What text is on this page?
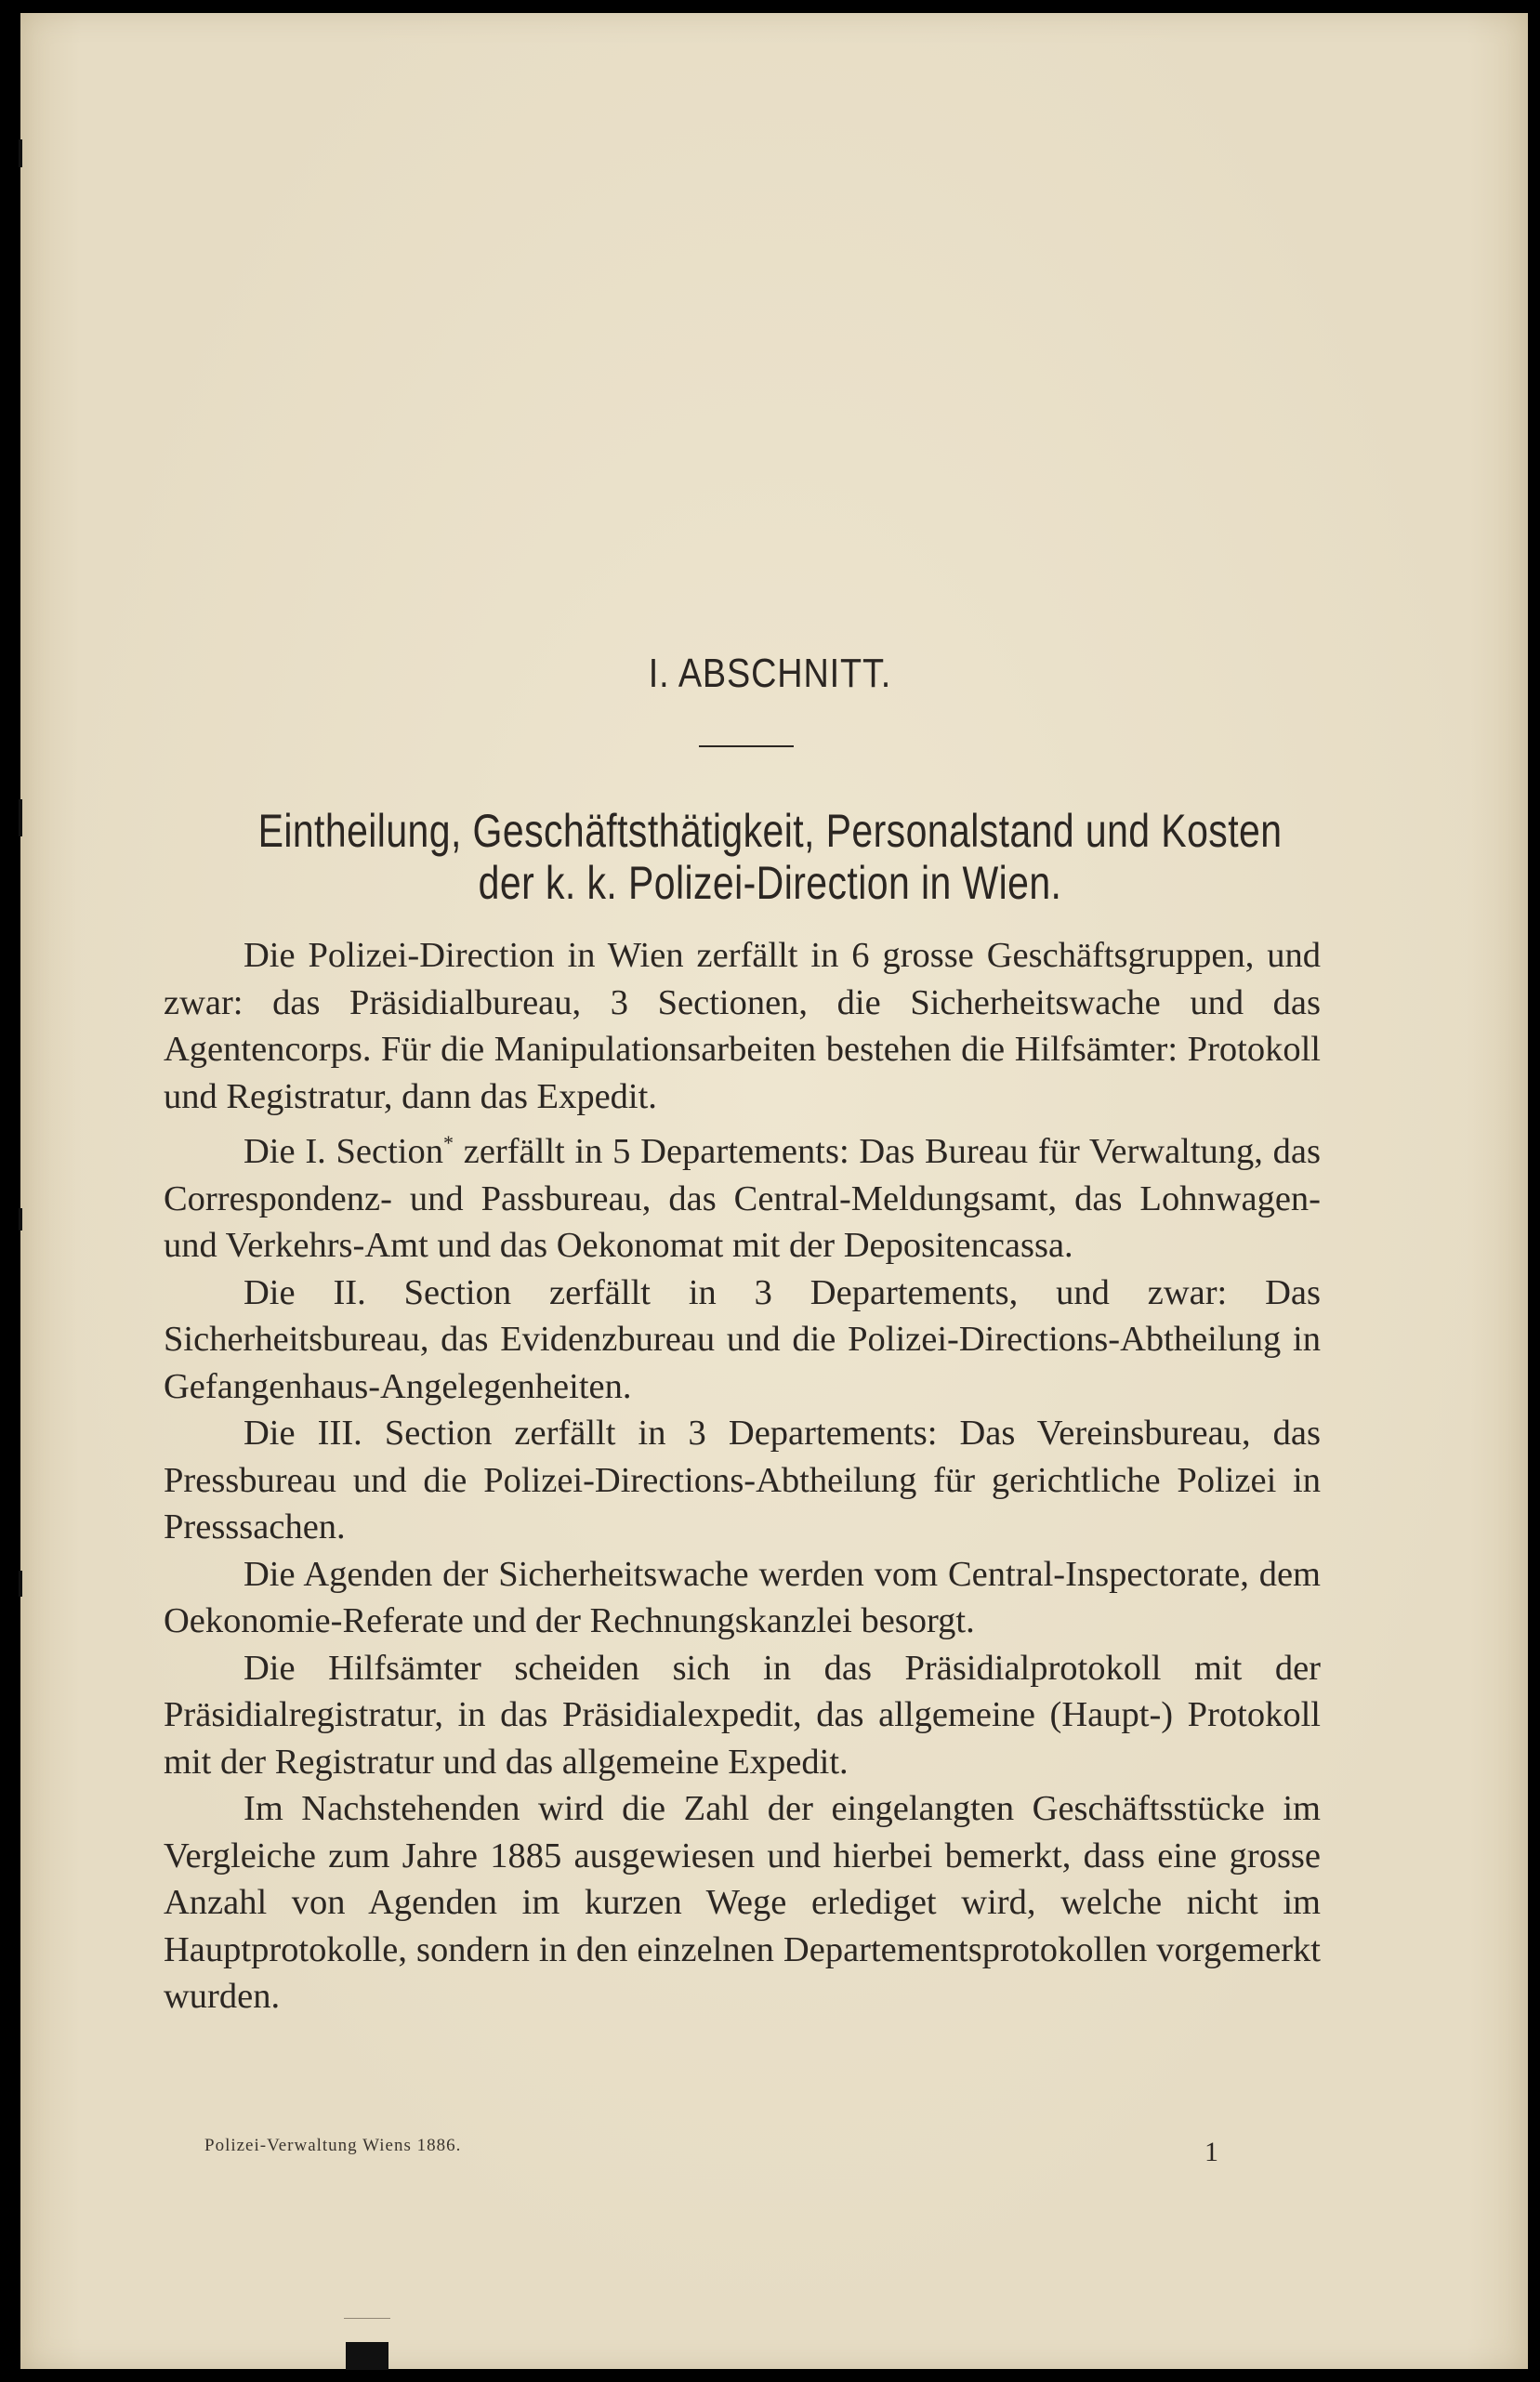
I. ABSCHNITT.
Eintheilung, Geschäftsthätigkeit, Personalstand und Kosten
der k. k. Polizei-Direction in Wien.

Die Polizei-Direction in Wien zerfällt in 6 grosse Geschäftsgruppen, und zwar: das Präsidialbureau, 3 Sectionen, die Sicherheitswache und das Agentencorps. Für die Manipulationsarbeiten bestehen die Hilfsämter: Protokoll und Registratur, dann das Expedit.

Die I. Section* zerfällt in 5 Departements: Das Bureau für Verwaltung, das Correspondenz- und Passbureau, das Central-Meldungsamt, das Lohnwagen- und Verkehrs-Amt und das Oekonomat mit der Depositencassa.

Die II. Section zerfällt in 3 Departements, und zwar: Das Sicherheitsbureau, das Evidenzbureau und die Polizei-Directions-Abtheilung in Gefangenhaus-Angelegenheiten.

Die III. Section zerfällt in 3 Departements: Das Vereinsbureau, das Pressbureau und die Polizei-Directions-Abtheilung für gerichtliche Polizei in Presssachen.

Die Agenden der Sicherheitswache werden vom Central-Inspectorate, dem Oekonomie-Referate und der Rechnungskanzlei besorgt.

Die Hilfsämter scheiden sich in das Präsidialprotokoll mit der Präsidialregistratur, in das Präsidialexpedit, das allgemeine (Haupt-) Protokoll mit der Registratur und das allgemeine Expedit.

Im Nachstehenden wird die Zahl der eingelangten Geschäftsstücke im Vergleiche zum Jahre 1885 ausgewiesen und hierbei bemerkt, dass eine grosse Anzahl von Agenden im kurzen Wege erlediget wird, welche nicht im Hauptprotokolle, sondern in den einzelnen Departementsprotokollen vorgemerkt wurden.

Polizei-Verwaltung Wiens 1886.	1
